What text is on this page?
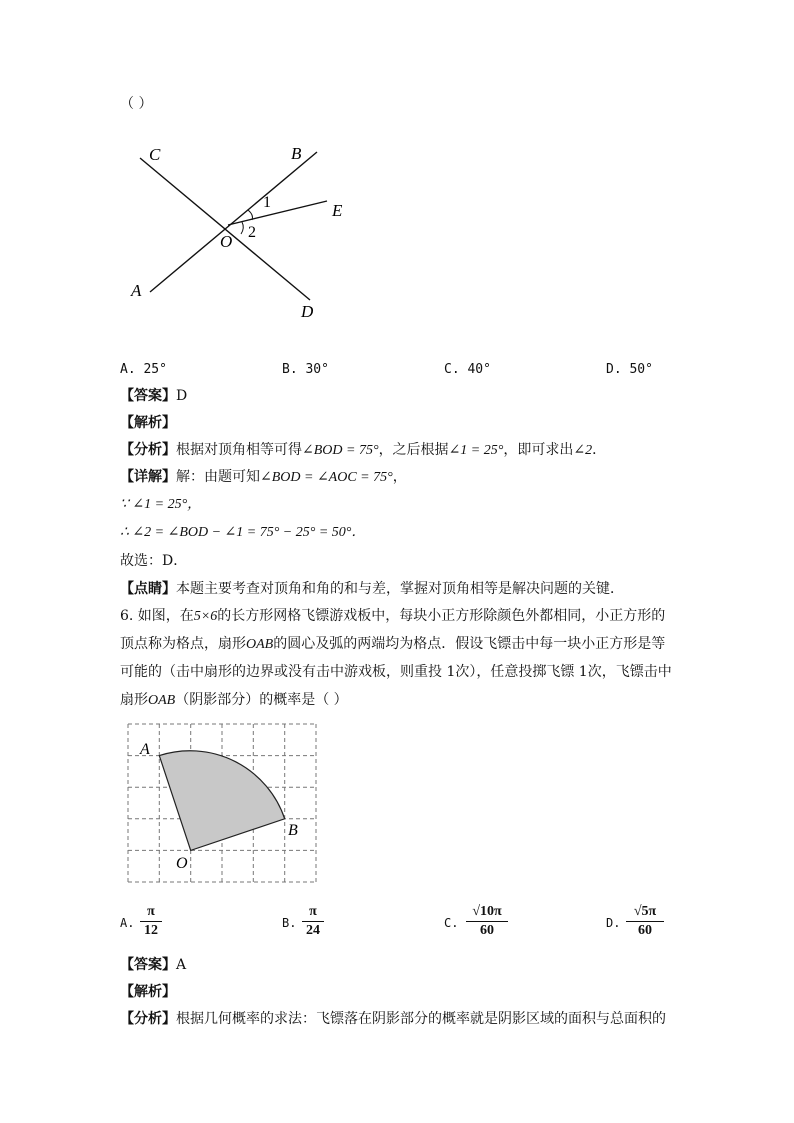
（ ）
C	B
E
1
2
O
A
D
A. 25°	B. 30°	C. 40°	D. 50°
【答案】D
【解析】
【分析】根据对顶角相等可得∠BOD = 75°，之后根据∠1 = 25°，即可求出∠2．
【详解】解：由题可知∠BOD = ∠AOC = 75°，
∵ ∠1 = 25°，
∴ ∠2 = ∠BOD − ∠1 = 75° − 25° = 50°．
故选：D．
【点睛】本题主要考查对顶角和角的和与差，掌握对顶角相等是解决问题的关键．
6. 如图，在5×6的长方形网格飞镖游戏板中，每块小正方形除颜色外都相同，小正方形的
顶点称为格点，扇形OAB的圆心及弧的两端均为格点．假设飞镖击中每一块小正方形是等
可能的（击中扇形的边界或没有击中游戏板，则重投 1次），任意投掷飞镖 1次，飞镖击中
扇形OAB（阴影部分）的概率是（ ）
A
B
O
A.
π
12	B.
π
24	C.
√10π
60	D.
√5π
60
【答案】A
【解析】
【分析】根据几何概率的求法：飞镖落在阴影部分的概率就是阴影区域的面积与总面积的
